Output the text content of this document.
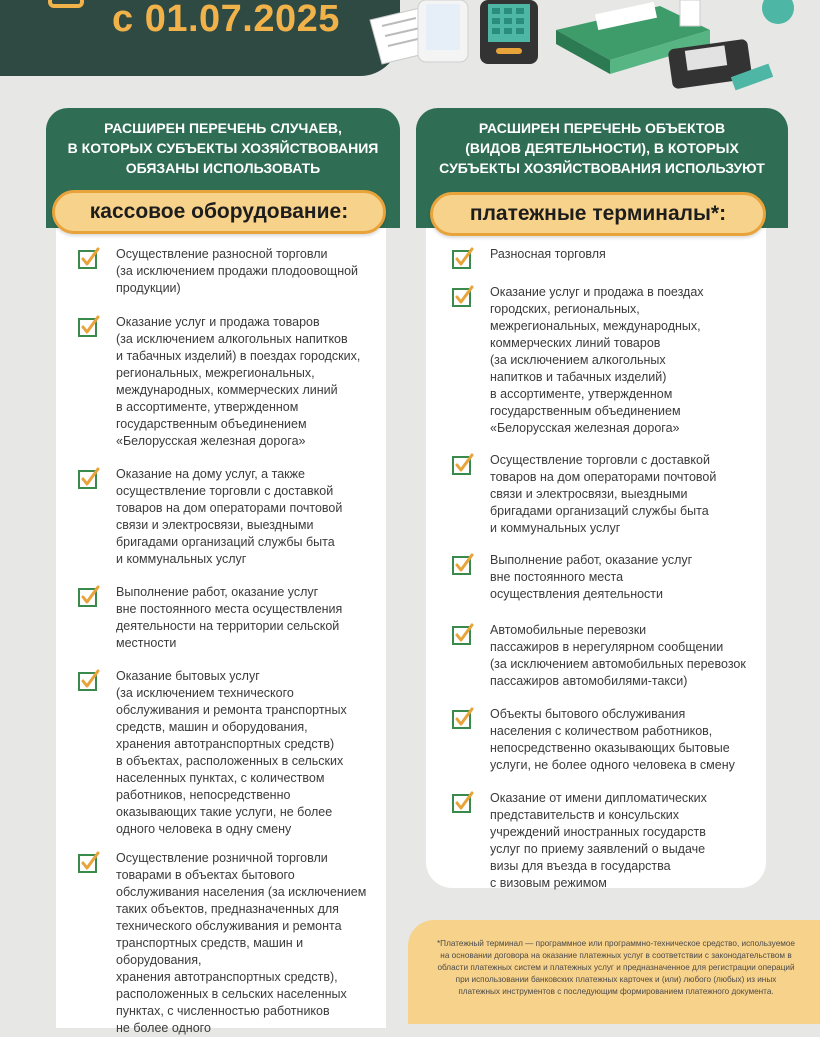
с 01.07.2025
РАСШИРЕН ПЕРЕЧЕНЬ СЛУЧАЕВ,
В КОТОРЫХ СУБЪЕКТЫ ХОЗЯЙСТВОВАНИЯ
ОБЯЗАНЫ ИСПОЛЬЗОВАТЬ
Осуществление разносной торговли
(за исключением продажи плодоовощной
продукции)
Оказание услуг и продажа товаров
(за исключением алкогольных напитков
и табачных изделий) в поездах городских,
региональных, межрегиональных,
международных, коммерческих линий
в ассортименте, утвержденном
государственным объединением
«Белорусская железная дорога»
Оказание на дому услуг, а также
осуществление торговли с доставкой
товаров на дом операторами почтовой
связи и электросвязи, выездными
бригадами организаций службы быта
и коммунальных услуг
Выполнение работ, оказание услуг
вне постоянного места осуществления
деятельности на территории сельской
местности
Оказание бытовых услуг
(за исключением технического
обслуживания и ремонта транспортных
средств, машин и оборудования,
хранения автотранспортных средств)
в объектах, расположенных в сельских
населенных пунктах, с количеством
работников, непосредственно
оказывающих такие услуги, не более
одного человека в одну смену
Осуществление розничной торговли
товарами в объектах бытового
обслуживания населения (за исключением
таких объектов, предназначенных для
технического обслуживания и ремонта
транспортных средств, машин и оборудования,
хранения автотранспортных средств),
расположенных в сельских населенных
пунктах, с численностью работников
не более одного
кассовое оборудование:
РАСШИРЕН ПЕРЕЧЕНЬ ОБЪЕКТОВ
(ВИДОВ ДЕЯТЕЛЬНОСТИ), В КОТОРЫХ
СУБЪЕКТЫ ХОЗЯЙСТВОВАНИЯ ИСПОЛЬЗУЮТ
Разносная торговля
Оказание услуг и продажа в поездах
городских, региональных,
межрегиональных, международных,
коммерческих линий товаров
(за исключением алкогольных
напитков и табачных изделий)
в ассортименте, утвержденном
государственным объединением
«Белорусская железная дорога»
Осуществление торговли с доставкой
товаров на дом операторами почтовой
связи и электросвязи, выездными
бригадами организаций службы быта
и коммунальных услуг
Выполнение работ, оказание услуг
вне постоянного места
осуществления деятельности
Автомобильные перевозки
пассажиров в нерегулярном сообщении
(за исключением автомобильных перевозок
пассажиров автомобилями-такси)
Объекты бытового обслуживания
населения с количеством работников,
непосредственно оказывающих бытовые
услуги, не более одного человека в смену
Оказание от имени дипломатических
представительств и консульских
учреждений иностранных государств
услуг по приему заявлений о выдаче
визы для въезда в государства
с визовым режимом
платежные терминалы*:
*Платежный терминал — программное или программно-техническое средство, используемое на основании договора на оказание платежных услуг в соответствии с законодательством в области платежных систем и платежных услуг и предназначенное для регистрации операций при использовании банковских платежных карточек и (или) любого (любых) из иных платежных инструментов с последующим формированием платежного документа.
